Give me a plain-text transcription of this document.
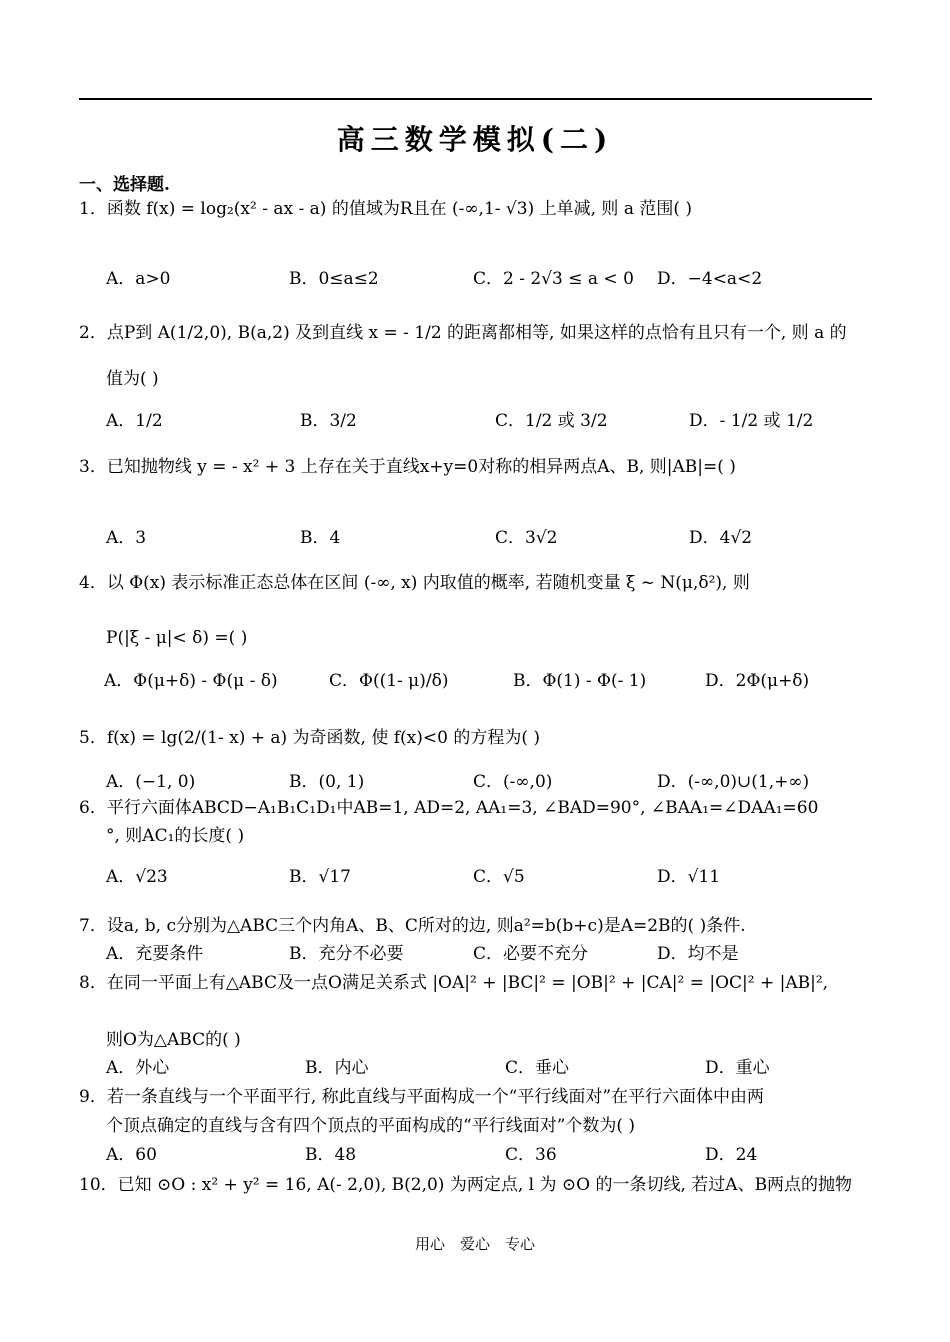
高三数学模拟(二)
一、选择题.
1．函数 f(x) = log₂(x² - ax - a) 的值域为R且在 (-∞,1- √3) 上单减, 则 a 范围( )
A．a>0	B．0≤a≤2	C．2 - 2√3 ≤ a < 0 D．−4<a<2
2．点P到 A(1/2,0), B(a,2) 及到直线 x = - 1/2 的距离都相等, 如果这样的点恰有且只有一个, 则 a 的
值为( )
A．1/2	B．3/2	C．1/2 或 3/2	D．- 1/2 或 1/2
3．已知抛物线 y = - x² + 3 上存在关于直线x+y=0对称的相异两点A、B, 则|AB|=( )
A．3	B．4	C．3√2	D．4√2
4．以 Φ(x) 表示标准正态总体在区间 (-∞, x) 内取值的概率, 若随机变量 ξ ~ N(μ,δ²), 则
P(|ξ - μ|< δ) =( )
A．Φ(μ+δ) - Φ(μ - δ)	C．Φ((1- μ)/δ)	B．Φ(1) - Φ(- 1)	D．2Φ(μ+δ)
5．f(x) = lg(2/(1- x) + a) 为奇函数, 使 f(x)<0 的方程为( )
A．(−1, 0)	B．(0, 1)	C．(-∞,0)	D．(-∞,0)∪(1,+∞)
6．平行六面体ABCD−A₁B₁C₁D₁中AB=1, AD=2, AA₁=3, ∠BAD=90°, ∠BAA₁=∠DAA₁=60
°, 则AC₁的长度( )
A．√23	B．√17	C．√5	D．√11
7．设a, b, c分别为△ABC三个内角A、B、C所对的边, 则a²=b(b+c)是A=2B的( )条件.
A．充要条件	B．充分不必要	C．必要不充分	D．均不是
8．在同一平面上有△ABC及一点O满足关系式 |OA|² + |BC|² = |OB|² + |CA|² = |OC|² + |AB|²,
则O为△ABC的( )
A．外心	B．内心	C．垂心	D．重心
9．若一条直线与一个平面平行, 称此直线与平面构成一个“平行线面对”在平行六面体中由两
个顶点确定的直线与含有四个顶点的平面构成的“平行线面对”个数为( )
A．60	B．48	C．36	D．24
10．已知 ⊙O : x² + y² = 16, A(- 2,0), B(2,0) 为两定点, l 为 ⊙O 的一条切线, 若过A、B两点的抛物
用心　爱心　专心
